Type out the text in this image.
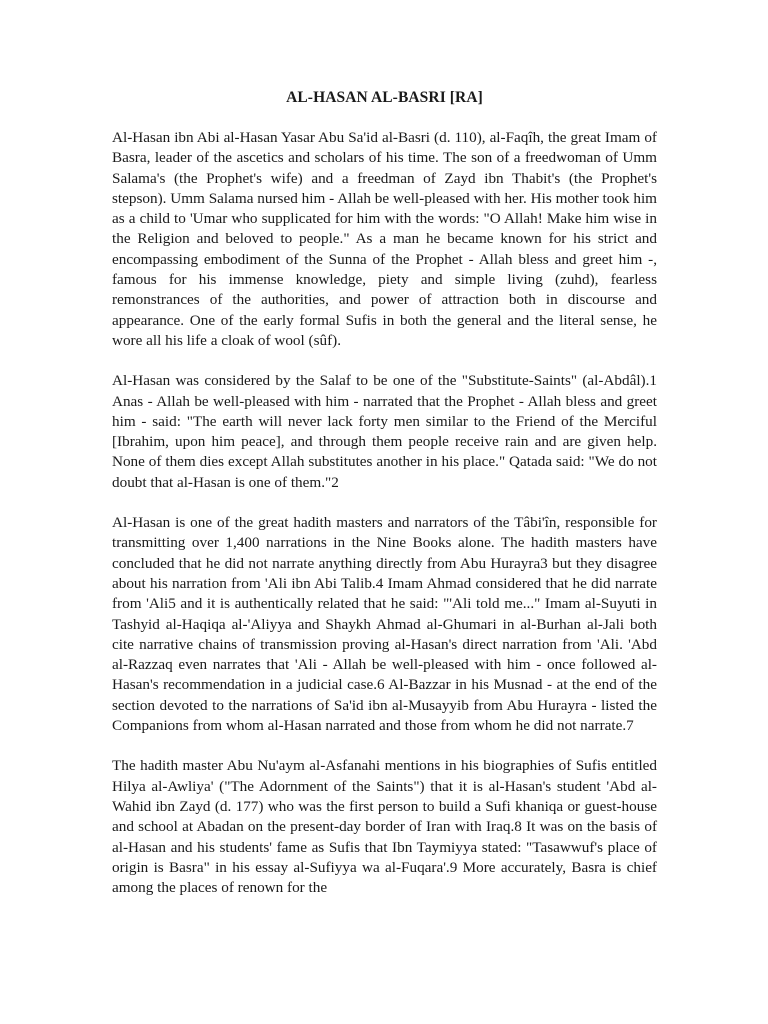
AL-HASAN AL-BASRI [RA]

Al-Hasan ibn Abi al-Hasan Yasar Abu Sa'id al-Basri (d. 110), al-Faqîh, the great Imam of Basra, leader of the ascetics and scholars of his time. The son of a freedwoman of Umm Salama's (the Prophet's wife) and a freedman of Zayd ibn Thabit's (the Prophet's stepson). Umm Salama nursed him - Allah be well-pleased with her. His mother took him as a child to 'Umar who supplicated for him with the words: "O Allah! Make him wise in the Religion and beloved to people." As a man he became known for his strict and encompassing embodiment of the Sunna of the Prophet - Allah bless and greet him -, famous for his immense knowledge, piety and simple living (zuhd), fearless remonstrances of the authorities, and power of attraction both in discourse and appearance. One of the early formal Sufis in both the general and the literal sense, he wore all his life a cloak of wool (sûf).

Al-Hasan was considered by the Salaf to be one of the "Substitute-Saints" (al-Abdâl).1 Anas - Allah be well-pleased with him - narrated that the Prophet - Allah bless and greet him - said: "The earth will never lack forty men similar to the Friend of the Merciful [Ibrahim, upon him peace], and through them people receive rain and are given help. None of them dies except Allah substitutes another in his place." Qatada said: "We do not doubt that al-Hasan is one of them."2

Al-Hasan is one of the great hadith masters and narrators of the Tâbi'în, responsible for transmitting over 1,400 narrations in the Nine Books alone. The hadith masters have concluded that he did not narrate anything directly from Abu Hurayra3 but they disagree about his narration from 'Ali ibn Abi Talib.4 Imam Ahmad considered that he did narrate from 'Ali5 and it is authentically related that he said: "'Ali told me..." Imam al-Suyuti in Tashyid al-Haqiqa al-'Aliyya and Shaykh Ahmad al-Ghumari in al-Burhan al-Jali both cite narrative chains of transmission proving al-Hasan's direct narration from 'Ali. 'Abd al-Razzaq even narrates that 'Ali - Allah be well-pleased with him - once followed al-Hasan's recommendation in a judicial case.6 Al-Bazzar in his Musnad - at the end of the section devoted to the narrations of Sa'id ibn al-Musayyib from Abu Hurayra - listed the Companions from whom al-Hasan narrated and those from whom he did not narrate.7

The hadith master Abu Nu'aym al-Asfanahi mentions in his biographies of Sufis entitled Hilya al-Awliya' ("The Adornment of the Saints") that it is al-Hasan's student 'Abd al-Wahid ibn Zayd (d. 177) who was the first person to build a Sufi khaniqa or guest-house and school at Abadan on the present-day border of Iran with Iraq.8 It was on the basis of al-Hasan and his students' fame as Sufis that Ibn Taymiyya stated: "Tasawwuf's place of origin is Basra" in his essay al-Sufiyya wa al-Fuqara'.9 More accurately, Basra is chief among the places of renown for the
